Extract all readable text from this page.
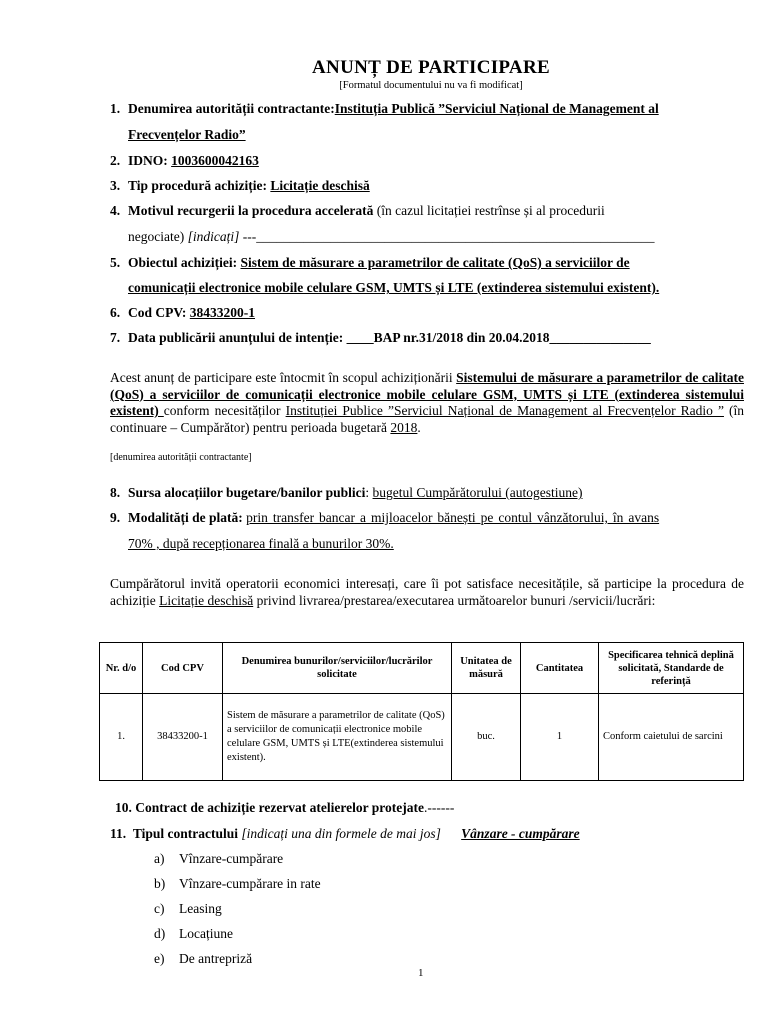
ANUNȚ DE PARTICIPARE
[Formatul documentului nu va fi modificat]
1. Denumirea autorității contractante:Instituția Publică ”Serviciul Național de Management al
Frecvențelor Radio”
2. IDNO: 1003600042163
3. Tip procedură achiziție: Licitație deschisă
4. Motivul recurgerii la procedura accelerată (în cazul licitației restrînse și al procedurii
negociate) [indicați] ---___________________________________________________________
5. Obiectul achiziției: Sistem de măsurare a parametrilor de calitate (QoS) a serviciilor de
comunicații electronice mobile celulare GSM, UMTS și LTE (extinderea sistemului existent).
6. Cod CPV: 38433200-1
7. Data publicării anunțului de intenție: ____BAP nr.31/2018 din 20.04.2018_______________
Acest anunț de participare este întocmit în scopul achiziționării Sistemului de măsurare a parametrilor de calitate (QoS) a serviciilor de comunicații electronice mobile celulare GSM, UMTS și LTE (extinderea sistemului existent) conform necesităților Instituției Publice ”Serviciul Național de Management al Frecvențelor Radio ” (în continuare – Cumpărător) pentru perioada bugetară 2018.
[denumirea autorității contractante]
8. Sursa alocațiilor bugetare/banilor publici: bugetul Cumpărătorului (autogestiune)
9. Modalități de plată: prin transfer bancar a mijloacelor bănești pe contul vânzătorului, în avans
70% , după recepționarea finală a bunurilor 30%.
Cumpărătorul invită operatorii economici interesați, care îi pot satisface necesitățile, să participe la procedura de achiziție Licitație deschisă privind livrarea/prestarea/executarea următoarelor bunuri /servicii/lucrări:
Nr. d/o	Cod CPV	Denumirea bunurilor/serviciilor/lucrărilor solicitate	Unitatea de măsură	Cantitatea	Specificarea tehnică deplină solicitată, Standarde de referință
1.	38433200-1	Sistem de măsurare a parametrilor de calitate (QoS) a serviciilor de comunicații electronice mobile celulare GSM, UMTS și LTE(extinderea sistemului existent).	buc.	1	Conform caietului de sarcini
10. Contract de achiziție rezervat atelierelor protejate.------
11. Tipul contractului [indicați una din formele de mai jos] Vânzare - cumpărare
a) Vînzare-cumpărare
b) Vînzare-cumpărare in rate
c) Leasing
d) Locațiune
e) De antrepriză
1
